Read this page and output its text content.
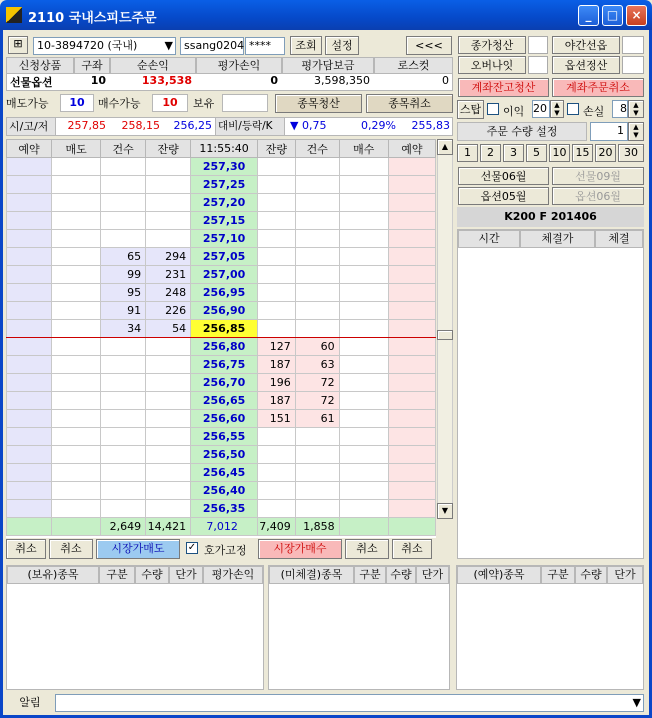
2110 국내스피드주문	_	□	×
⊞	10-3894720 (국내) ▼	ssang0204 ****	조회	설정	<<<	종가청산	야간선옵
오버나잇	옵션정산
계좌잔고청산	계좌주문취소
신청상품	구좌	순손익	평가손익	평가담보금	로스컷
선물옵션	10	133,538	0	3,598,350	0
매도가능	10	매수가능	10	보유	종목청산	종목취소
시/고/저	257,85	258,15	256,25 대비/등락/K	▼ 0,75	0,29%	255,83
예약	매도	건수	잔량	11:55:40	잔량	건수	매수	예약
				257,30				
				257,25				
				257,20				
				257,15				
				257,10				
		65	294	257,05				
		99	231	257,00				
		95	248	256,95				
		91	226	256,90				
		34	54	256,85				
				256,80	127	60		
				256,75	187	63		
				256,70	196	72		
				256,65	187	72		
				256,60	151	61		
				256,55				
				256,50				
				256,45				
				256,40				
				256,35				
		2,649	14,421	7,012	7,409	1,858		
▲
▼
취소	취소	시장가매도	✓ 호가고정	시장가매수	취소	취소
스탑 이익 20	▲
▼	손실	8 ▲
▼
주문 수량 설정	1	▲
▼
1	2	3	5	10 15 20	30
선물06월	선물09월
옵션05월	옵션06월
K200 F 201406
시간	체결가	체결
(보유)종목	구분	수량	단가	평가손익	(미체결)종목	구분 수량 단가	(예약)종목	구분	수량	단가
알림	▼
